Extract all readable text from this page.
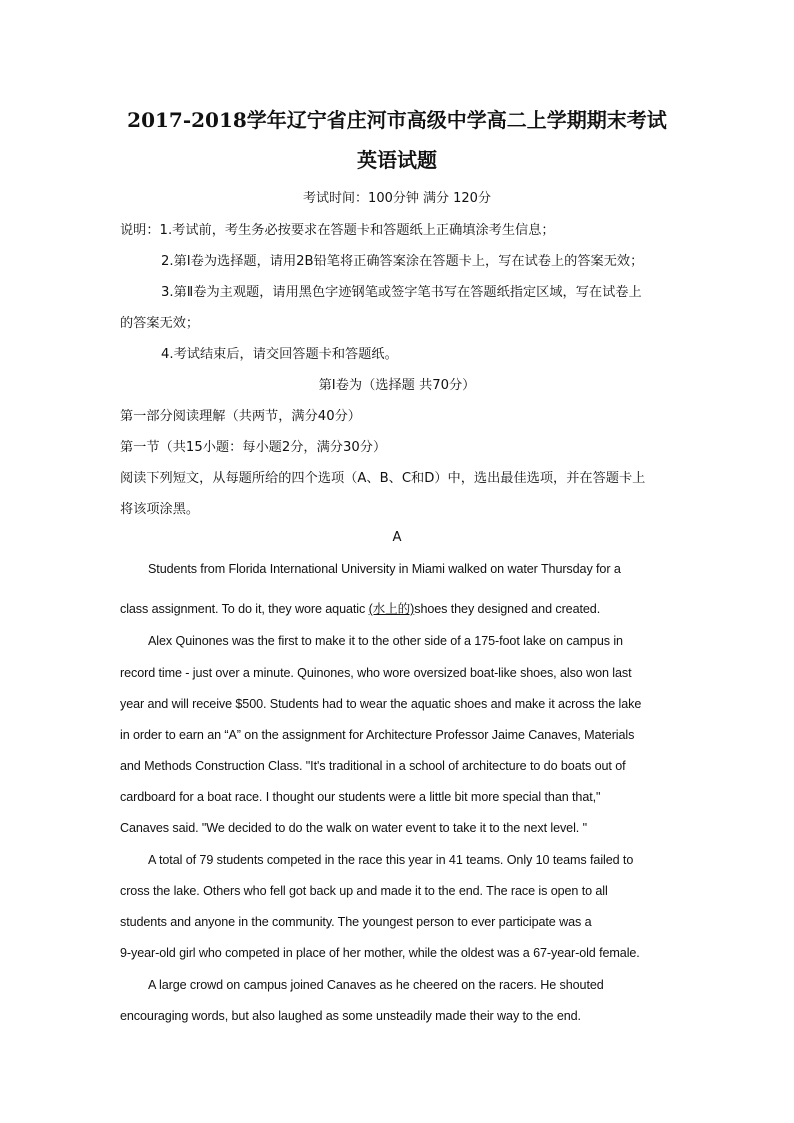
2017-2018学年辽宁省庄河市高级中学高二上学期期末考试
英语试题
考试时间：100分钟 满分 120分
说明：1.考试前，考生务必按要求在答题卡和答题纸上正确填涂考生信息；
2.第Ⅰ卷为选择题，请用2B铅笔将正确答案涂在答题卡上，写在试卷上的答案无效；
3.第Ⅱ卷为主观题，请用黑色字迹钢笔或签字笔书写在答题纸指定区域，写在试卷上
的答案无效；
4.考试结束后，请交回答题卡和答题纸。
第Ⅰ卷为（选择题 共70分）
第一部分阅读理解（共两节，满分40分）
第一节（共15小题：每小题2分，满分30分）
阅读下列短文，从每题所给的四个选项（A、B、C和D）中，选出最佳选项，并在答题卡上
将该项涂黑。
A
Students from Florida International University in Miami walked on water Thursday for a
class assignment. To do it, they wore aquatic (水上的)shoes they designed and created.
Alex Quinones was the first to make it to the other side of a 175-foot lake on campus in
record time - just over a minute. Quinones, who wore oversized boat-like shoes, also won last
year and will receive $500. Students had to wear the aquatic shoes and make it across the lake
in order to earn an “A” on the assignment for Architecture Professor Jaime Canaves, Materials
and Methods Construction Class. "It's traditional in a school of architecture to do boats out of
cardboard for a boat race. I thought our students were a little bit more special than that,"
Canaves said. "We decided to do the walk on water event to take it to the next level. "
A total of 79 students competed in the race this year in 41 teams. Only 10 teams failed to
cross the lake. Others who fell got back up and made it to the end. The race is open to all
students and anyone in the community. The youngest person to ever participate was a
9-year-old girl who competed in place of her mother, while the oldest was a 67-year-old female.
A large crowd on campus joined Canaves as he cheered on the racers. He shouted
encouraging words, but also laughed as some unsteadily made their way to the end.
